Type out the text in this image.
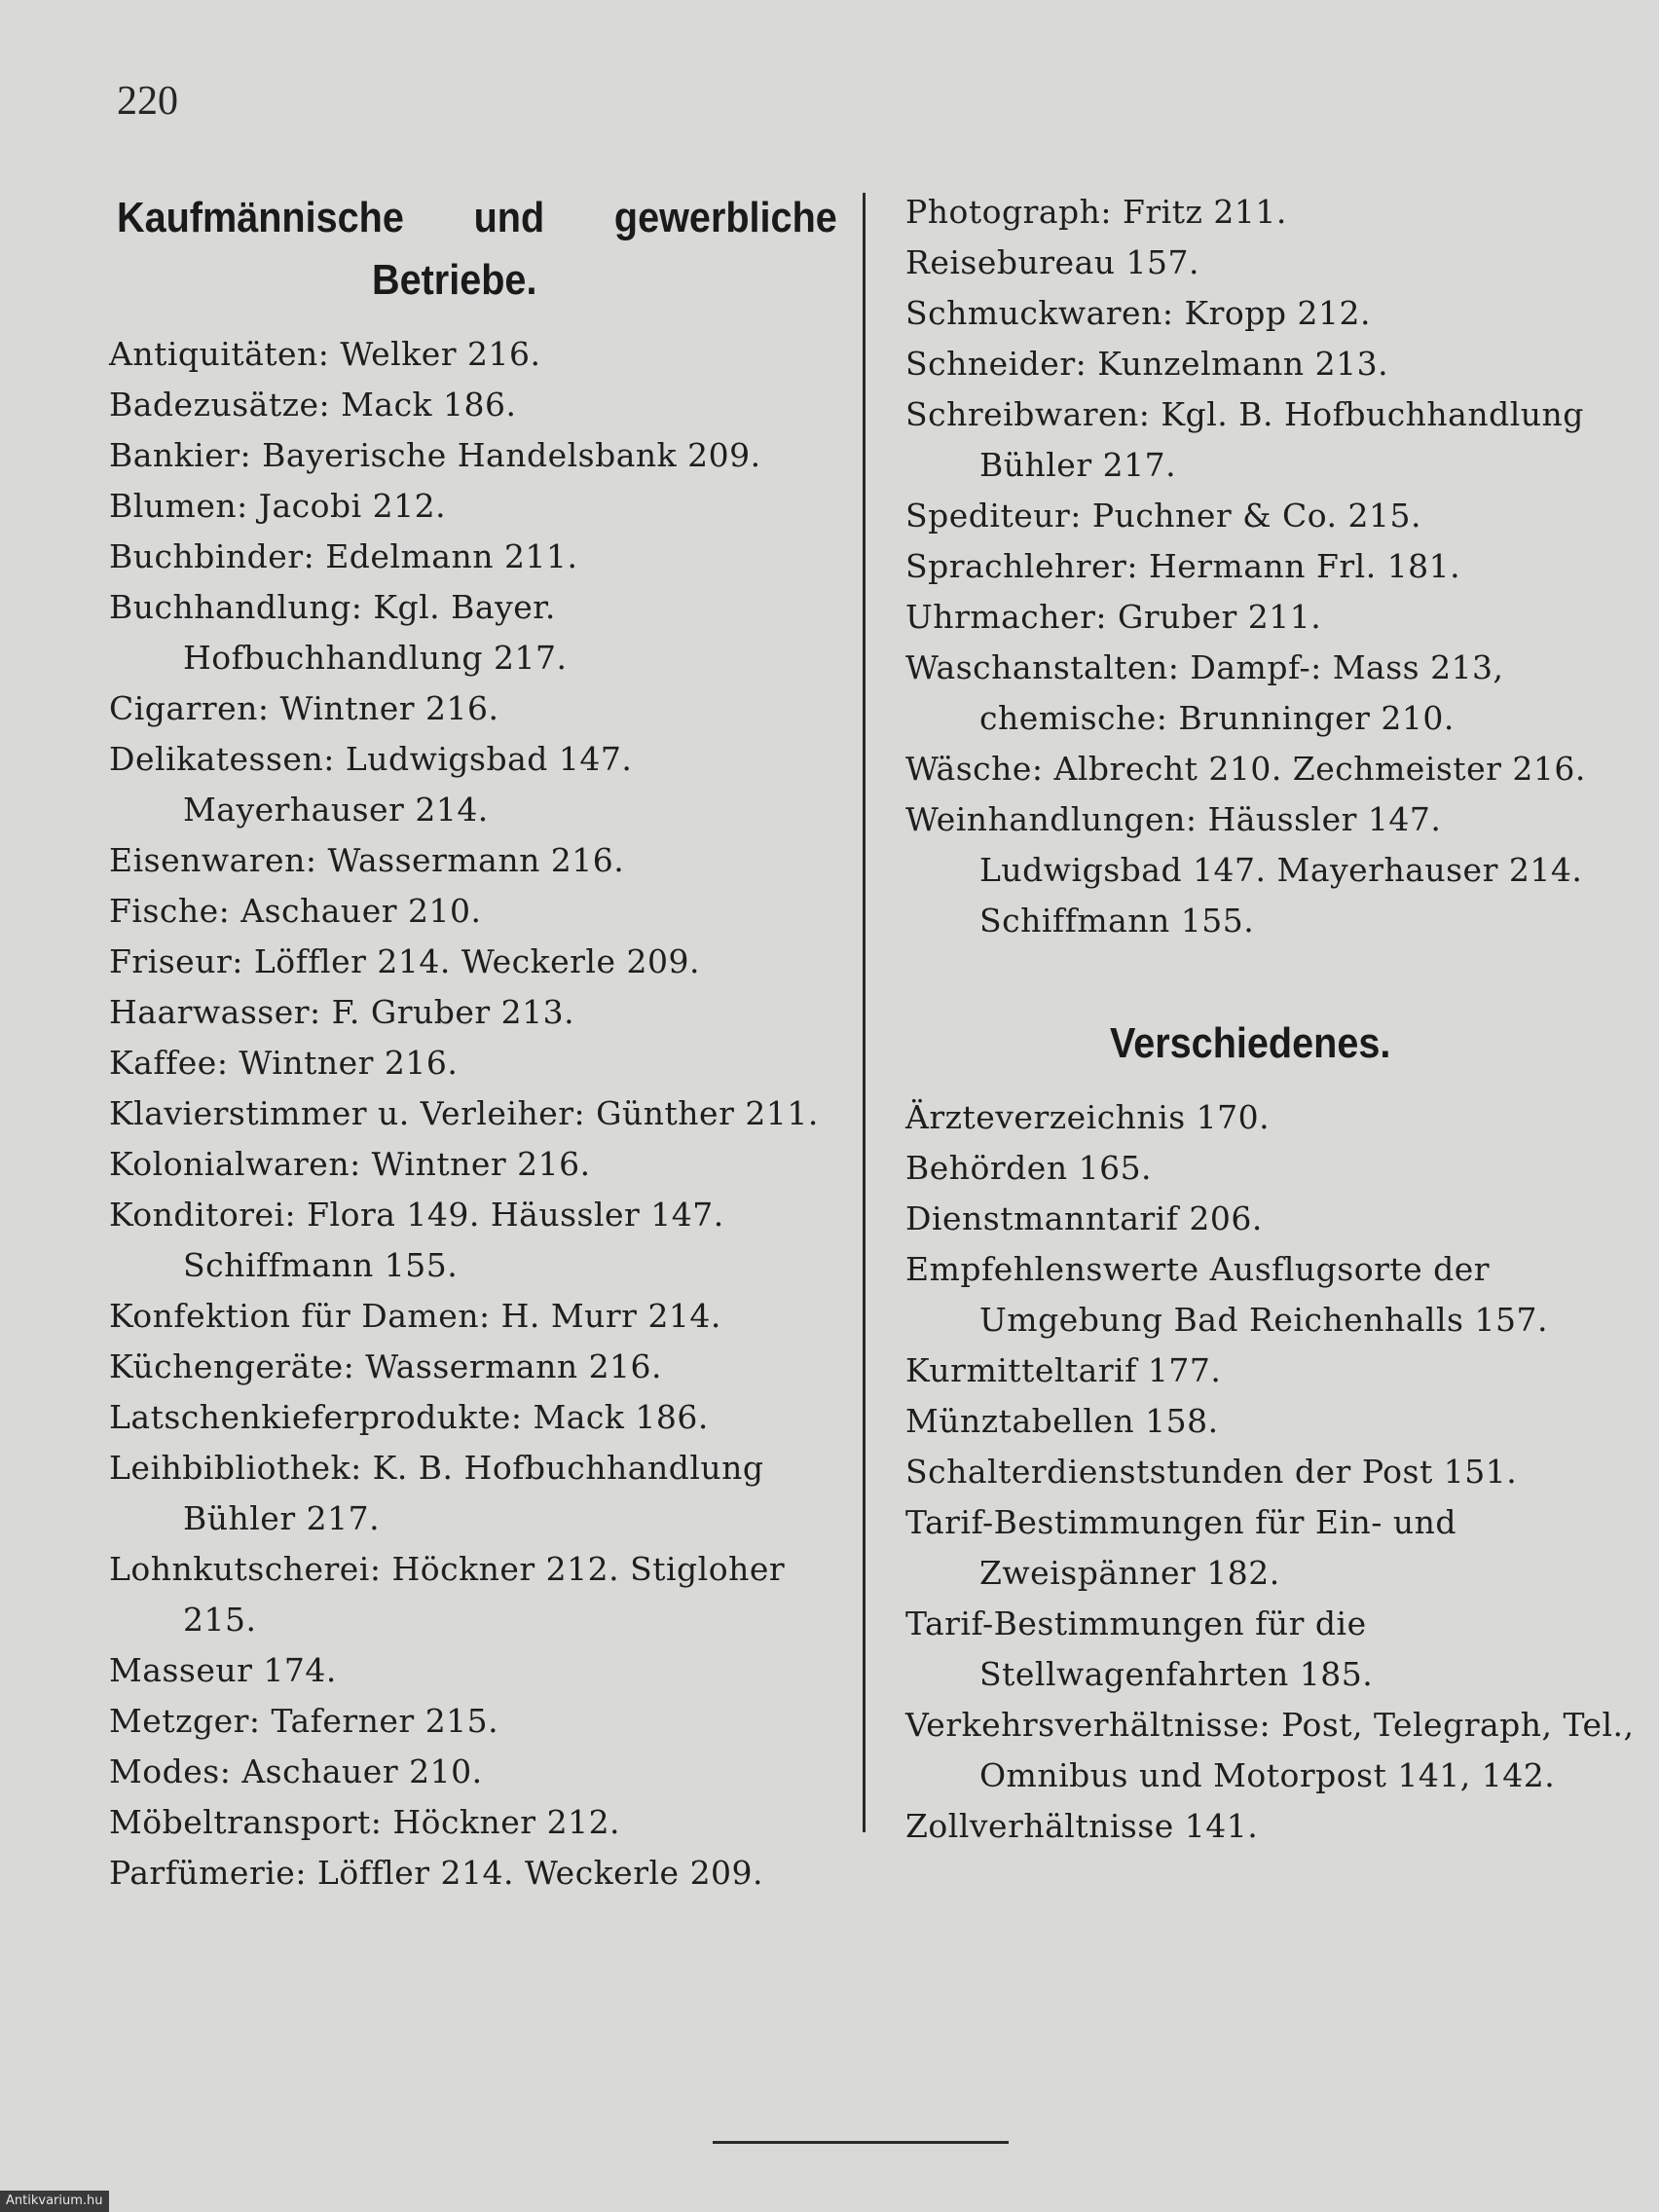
220
Kaufmännische und gewerbliche
Betriebe.
Antiquitäten: Welker 216.
Badezusätze: Mack 186.
Bankier: Bayerische Handelsbank 209.
Blumen: Jacobi 212.
Buchbinder: Edelmann 211.
Buchhandlung: Kgl. Bayer. Hofbuchhandlung 217.
Cigarren: Wintner 216.
Delikatessen: Ludwigsbad 147. Mayerhauser 214.
Eisenwaren: Wassermann 216.
Fische: Aschauer 210.
Friseur: Löffler 214. Weckerle 209.
Haarwasser: F. Gruber 213.
Kaffee: Wintner 216.
Klavierstimmer u. Verleiher: Günther 211.
Kolonialwaren: Wintner 216.
Konditorei: Flora 149. Häussler 147. Schiffmann 155.
Konfektion für Damen: H. Murr 214.
Küchengeräte: Wassermann 216.
Latschenkieferprodukte: Mack 186.
Leihbibliothek: K. B. Hofbuchhandlung Bühler 217.
Lohnkutscherei: Höckner 212. Stigloher 215.
Masseur 174.
Metzger: Taferner 215.
Modes: Aschauer 210.
Möbeltransport: Höckner 212.
Parfümerie: Löffler 214. Weckerle 209.
Photograph: Fritz 211.
Reisebureau 157.
Schmuckwaren: Kropp 212.
Schneider: Kunzelmann 213.
Schreibwaren: Kgl. B. Hofbuchhandlung Bühler 217.
Spediteur: Puchner & Co. 215.
Sprachlehrer: Hermann Frl. 181.
Uhrmacher: Gruber 211.
Waschanstalten: Dampf-: Mass 213, chemische: Brunninger 210.
Wäsche: Albrecht 210. Zechmeister 216.
Weinhandlungen: Häussler 147. Ludwigsbad 147. Mayerhauser 214. Schiffmann 155.
Verschiedenes.
Ärzteverzeichnis 170.
Behörden 165.
Dienstmanntarif 206.
Empfehlenswerte Ausflugsorte der Umgebung Bad Reichenhalls 157.
Kurmitteltarif 177.
Münztabellen 158.
Schalterdienststunden der Post 151.
Tarif-Bestimmungen für Ein- und Zweispänner 182.
Tarif-Bestimmungen für die Stellwagenfahrten 185.
Verkehrsverhältnisse: Post, Telegraph, Tel., Omnibus und Motorpost 141, 142.
Zollverhältnisse 141.
Antikvarium.hu
